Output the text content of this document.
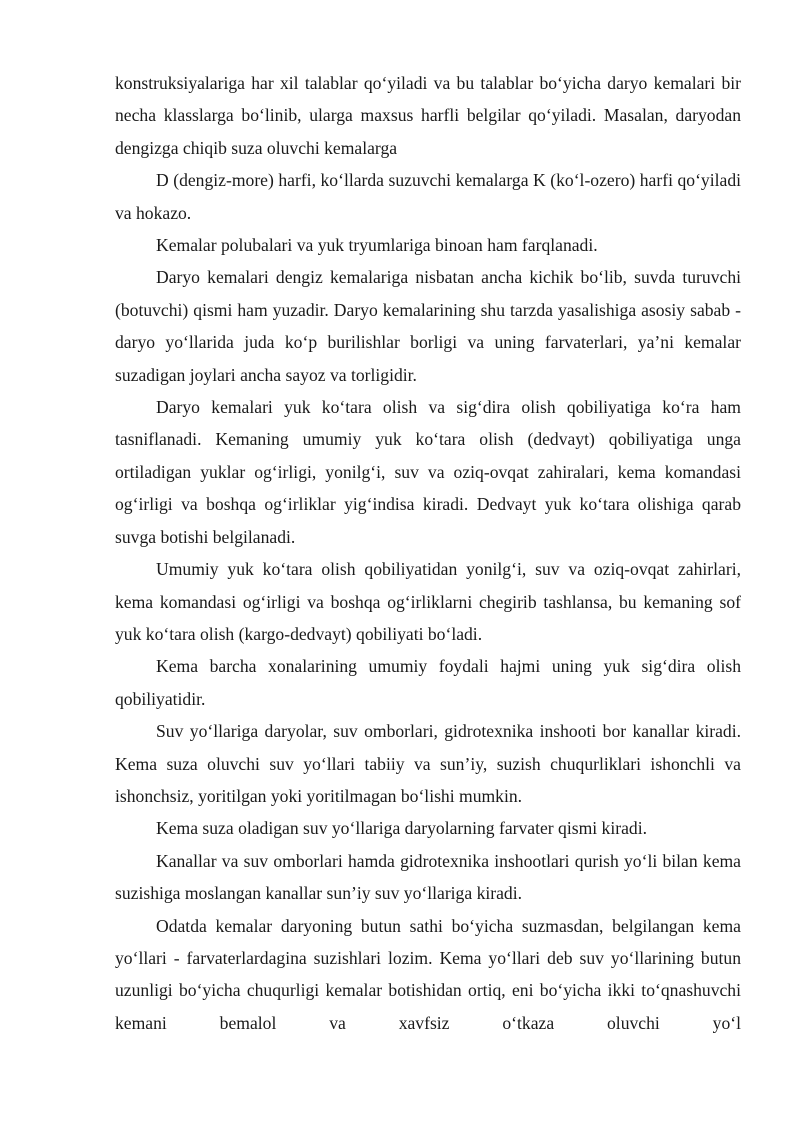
konstruksiyalariga har xil talablar qo‘yiladi va bu talablar bo‘yicha daryo kemalari bir necha klasslarga bo‘linib, ularga maxsus harfli belgilar qo‘yiladi. Masalan, daryodan dengizga chiqib suza oluvchi kemalarga

D (dengiz-more) harfi, ko‘llarda suzuvchi kemalarga K (ko‘l-ozero) harfi qo‘yiladi va hokazo.

Kemalar polubalari va yuk tryumlariga binoan ham farqlanadi.

Daryo kemalari dengiz kemalariga nisbatan ancha kichik bo‘lib, suvda turuvchi (botuvchi) qismi ham yuzadir. Daryo kemalarining shu tarzda yasalishiga asosiy sabab - daryo yo‘llarida juda ko‘p burilishlar borligi va uning farvaterlari, ya’ni kemalar suzadigan joylari ancha sayoz va torligidir.

Daryo kemalari yuk ko‘tara olish va sig‘dira olish qobiliyatiga ko‘ra ham tasniflanadi. Kemaning umumiy yuk ko‘tara olish (dedvayt) qobiliyatiga unga ortiladigan yuklar og‘irligi, yonilg‘i, suv va oziq-ovqat zahiralari, kema komandasi og‘irligi va boshqa og‘irliklar yig‘indisa kiradi. Dedvayt yuk ko‘tara olishiga qarab suvga botishi belgilanadi.

Umumiy yuk ko‘tara olish qobiliyatidan yonilg‘i, suv va oziq-ovqat zahirlari, kema komandasi og‘irligi va boshqa og‘irliklarni chegirib tashlansa, bu kemaning sof yuk ko‘tara olish (kargo-dedvayt) qobiliyati bo‘ladi.

Kema barcha xonalarining umumiy foydali hajmi uning yuk sig‘dira olish qobiliyatidir.

Suv yo‘llariga daryolar, suv omborlari, gidrotexnika inshooti bor kanallar kiradi. Kema suza oluvchi suv yo‘llari tabiiy va sun’iy, suzish chuqurliklari ishonchli va ishonchsiz, yoritilgan yoki yoritilmagan bo‘lishi mumkin.

Kema suza oladigan suv yo‘llariga daryolarning farvater qismi kiradi.

Kanallar va suv omborlari hamda gidrotexnika inshootlari qurish yo‘li bilan kema suzishiga moslangan kanallar sun’iy suv yo‘llariga kiradi.

Odatda kemalar daryoning butun sathi bo‘yicha suzmasdan, belgilangan kema yo‘llari - farvaterlardagina suzishlari lozim. Kema yo‘llari deb suv yo‘llarining butun uzunligi bo‘yicha chuqurligi kemalar botishidan ortiq, eni bo‘yicha ikki to‘qnashuvchi kemani bemalol va xavfsiz o‘tkaza oluvchi yo‘l
